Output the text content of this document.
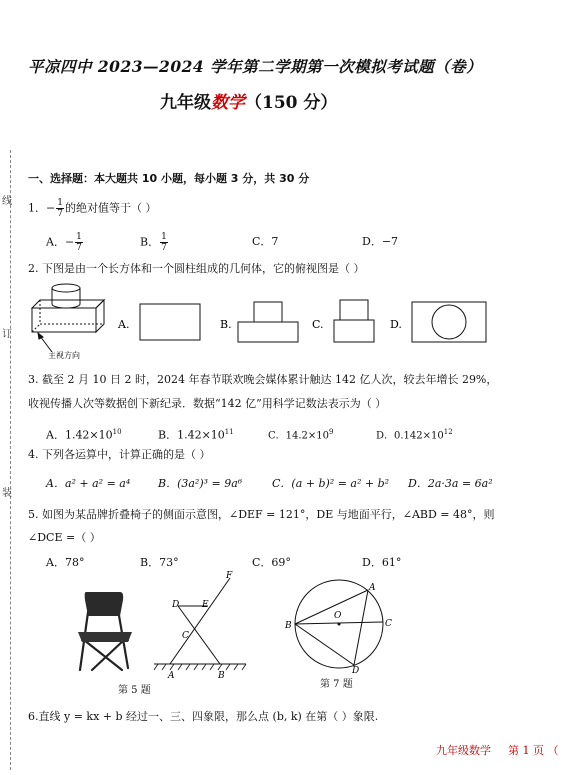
线
订
装
平凉四中 2023—2024 学年第二学期第一次模拟考试题（卷）
九年级数学（150 分）
一、选择题：本大题共 10 小题，每小题 3 分，共 30 分
1．− $\frac{1}{7}$ 的绝对值等于（ ）
A．− $\frac{1}{7}$	B． $\frac{1}{7}$	C．7	D．−7
2. 下图是由一个长方体和一个圆柱组成的几何体，它的俯视图是（ ）
主视方向
A.	B.	C.	D.
3. 截至 2 月 10 日 2 时，2024 年春节联欢晚会媒体累计触达 142 亿人次，较去年增长 29%，
收视传播人次等数据创下新纪录．数据“142 亿”用科学记数法表示为（ ）
A．$1.42\times 10^{10}$	B．$1.42\times 10^{11}$	C．$14.2\times 10^9$	D．$0.142\times 10^{12}$
4. 下列各运算中，计算正确的是（ ）
A．a² + a² = a⁴	B．(3a²)³ = 9a⁶	C．(a + b)² = a² + b² D．2a·3a = 6a²
5. 如图为某品牌折叠椅子的侧面示意图，∠DEF = 121°，DE 与地面平行，∠ABD = 48°，则
∠DCE =（ ）
A．78°	B．73°	C．69°	D．61°
第 5 题
F
D	E
C
A	B
A
O
B	C
D
第 7 题
6.直线 y = kx + b 经过一、三、四象限，那么点 (b, k) 在第（ ）象限.
九年级数学 第 1 页 （
